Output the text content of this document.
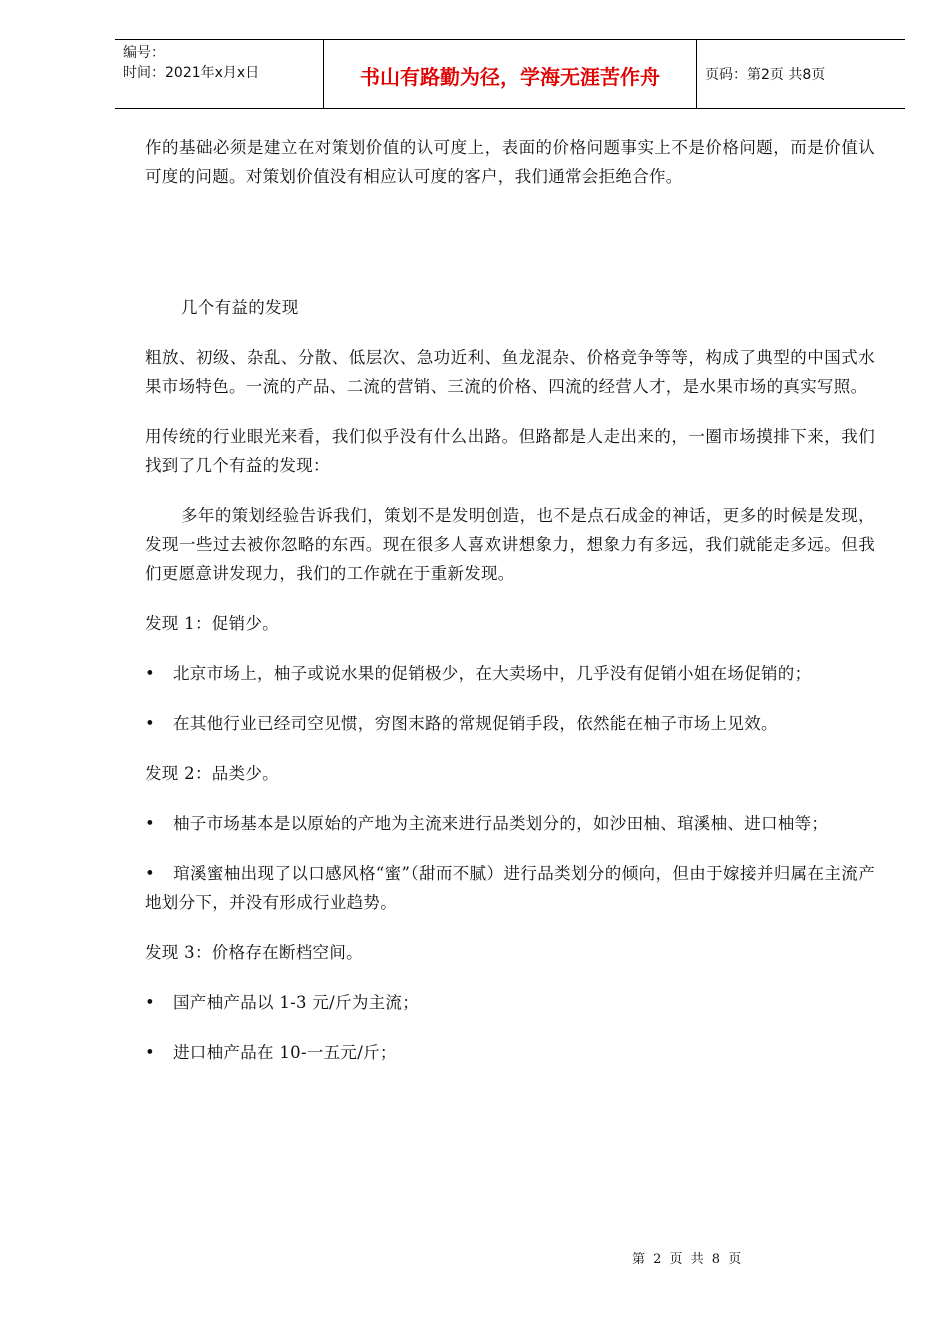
编号：
时间：2021年x月x日	书山有路勤为径，学海无涯苦作舟	页码：第2页 共8页

作的基础必须是建立在对策划价值的认可度上，表面的价格问题事实上不是价格问题，而是价值认可度的问题。对策划价值没有相应认可度的客户，我们通常会拒绝合作。

几个有益的发现

粗放、初级、杂乱、分散、低层次、急功近利、鱼龙混杂、价格竞争等等，构成了典型的中国式水果市场特色。一流的产品、二流的营销、三流的价格、四流的经营人才，是水果市场的真实写照。

用传统的行业眼光来看，我们似乎没有什么出路。但路都是人走出来的，一圈市场摸排下来，我们找到了几个有益的发现：

多年的策划经验告诉我们，策划不是发明创造，也不是点石成金的神话，更多的时候是发现，发现一些过去被你忽略的东西。现在很多人喜欢讲想象力，想象力有多远，我们就能走多远。但我们更愿意讲发现力，我们的工作就在于重新发现。

发现 1：促销少。

• 北京市场上，柚子或说水果的促销极少，在大卖场中，几乎没有促销小姐在场促销的；

• 在其他行业已经司空见惯，穷图末路的常规促销手段，依然能在柚子市场上见效。

发现 2：品类少。

• 柚子市场基本是以原始的产地为主流来进行品类划分的，如沙田柚、琯溪柚、进口柚等；

• 琯溪蜜柚出现了以口感风格“蜜”（甜而不腻）进行品类划分的倾向，但由于嫁接并归属在主流产地划分下，并没有形成行业趋势。

发现 3：价格存在断档空间。

• 国产柚产品以 1-3 元/斤为主流；

• 进口柚产品在 10-一五元/斤；

第 2 页 共 8 页
